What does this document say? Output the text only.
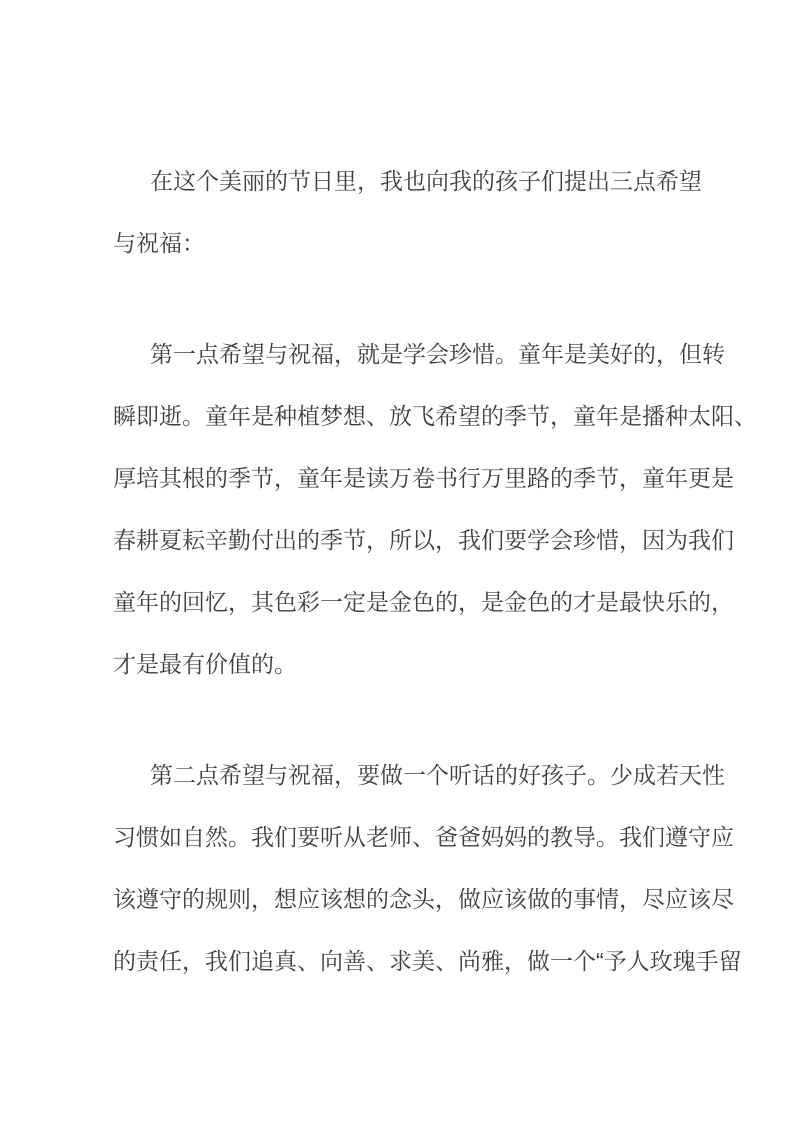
在这个美丽的节日里，我也向我的孩子们提出三点希望
与祝福：
第一点希望与祝福，就是学会珍惜。童年是美好的，但转
瞬即逝。童年是种植梦想、放飞希望的季节，童年是播种太阳、
厚培其根的季节，童年是读万卷书行万里路的季节，童年更是
春耕夏耘辛勤付出的季节，所以，我们要学会珍惜，因为我们
童年的回忆，其色彩一定是金色的，是金色的才是最快乐的，
才是最有价值的。
第二点希望与祝福，要做一个听话的好孩子。少成若天性
习惯如自然。我们要听从老师、爸爸妈妈的教导。我们遵守应
该遵守的规则，想应该想的念头，做应该做的事情，尽应该尽
的责任，我们追真、向善、求美、尚雅，做一个“予人玫瑰手留
